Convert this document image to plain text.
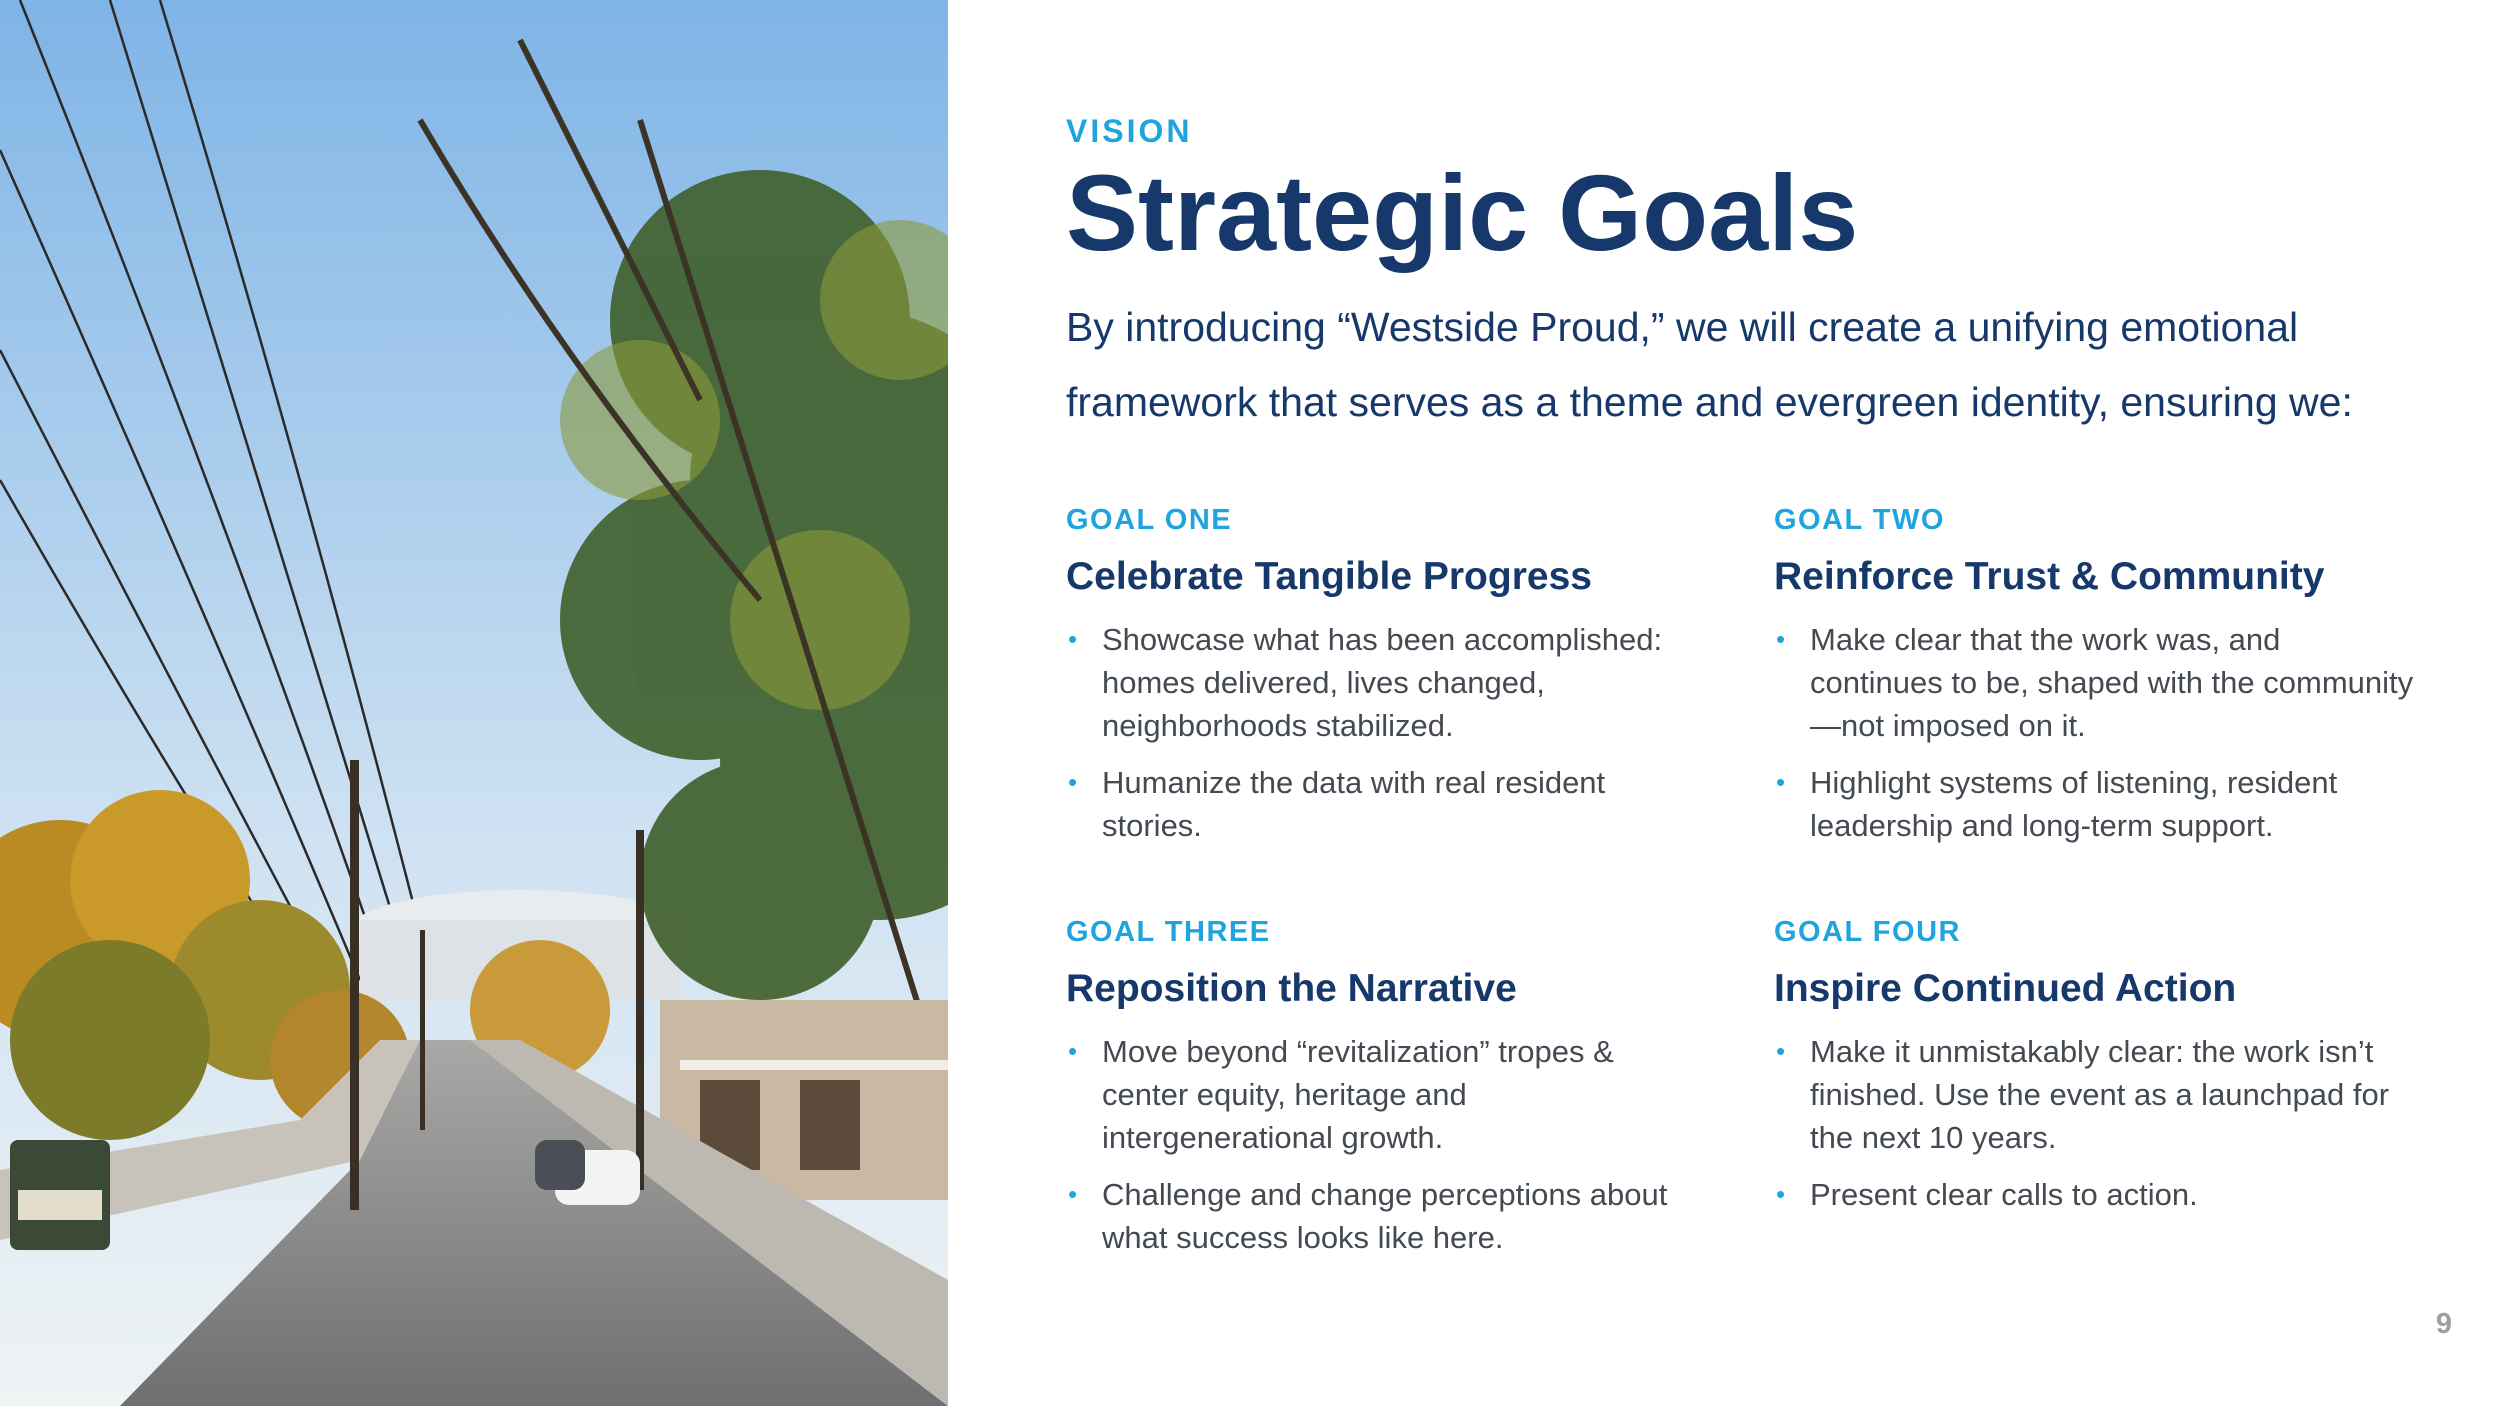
VISION

Strategic Goals

By introducing “Westside Proud,” we will create a unifying emotional framework that serves as a theme and evergreen identity, ensuring we:

GOAL ONE

Celebrate Tangible Progress
• Showcase what has been accomplished: homes delivered, lives changed, neighborhoods stabilized.
• Humanize the data with real resident stories.

GOAL TWO

Reinforce Trust & Community
• Make clear that the work was, and continues to be, shaped with the community—not imposed on it.
• Highlight systems of listening, resident leadership and long-term support.

GOAL THREE

Reposition the Narrative
• Move beyond “revitalization” tropes & center equity, heritage and intergenerational growth.
• Challenge and change perceptions about what success looks like here.

GOAL FOUR

Inspire Continued Action
• Make it unmistakably clear: the work isn’t finished. Use the event as a launchpad for the next 10 years.
• Present clear calls to action.

9
